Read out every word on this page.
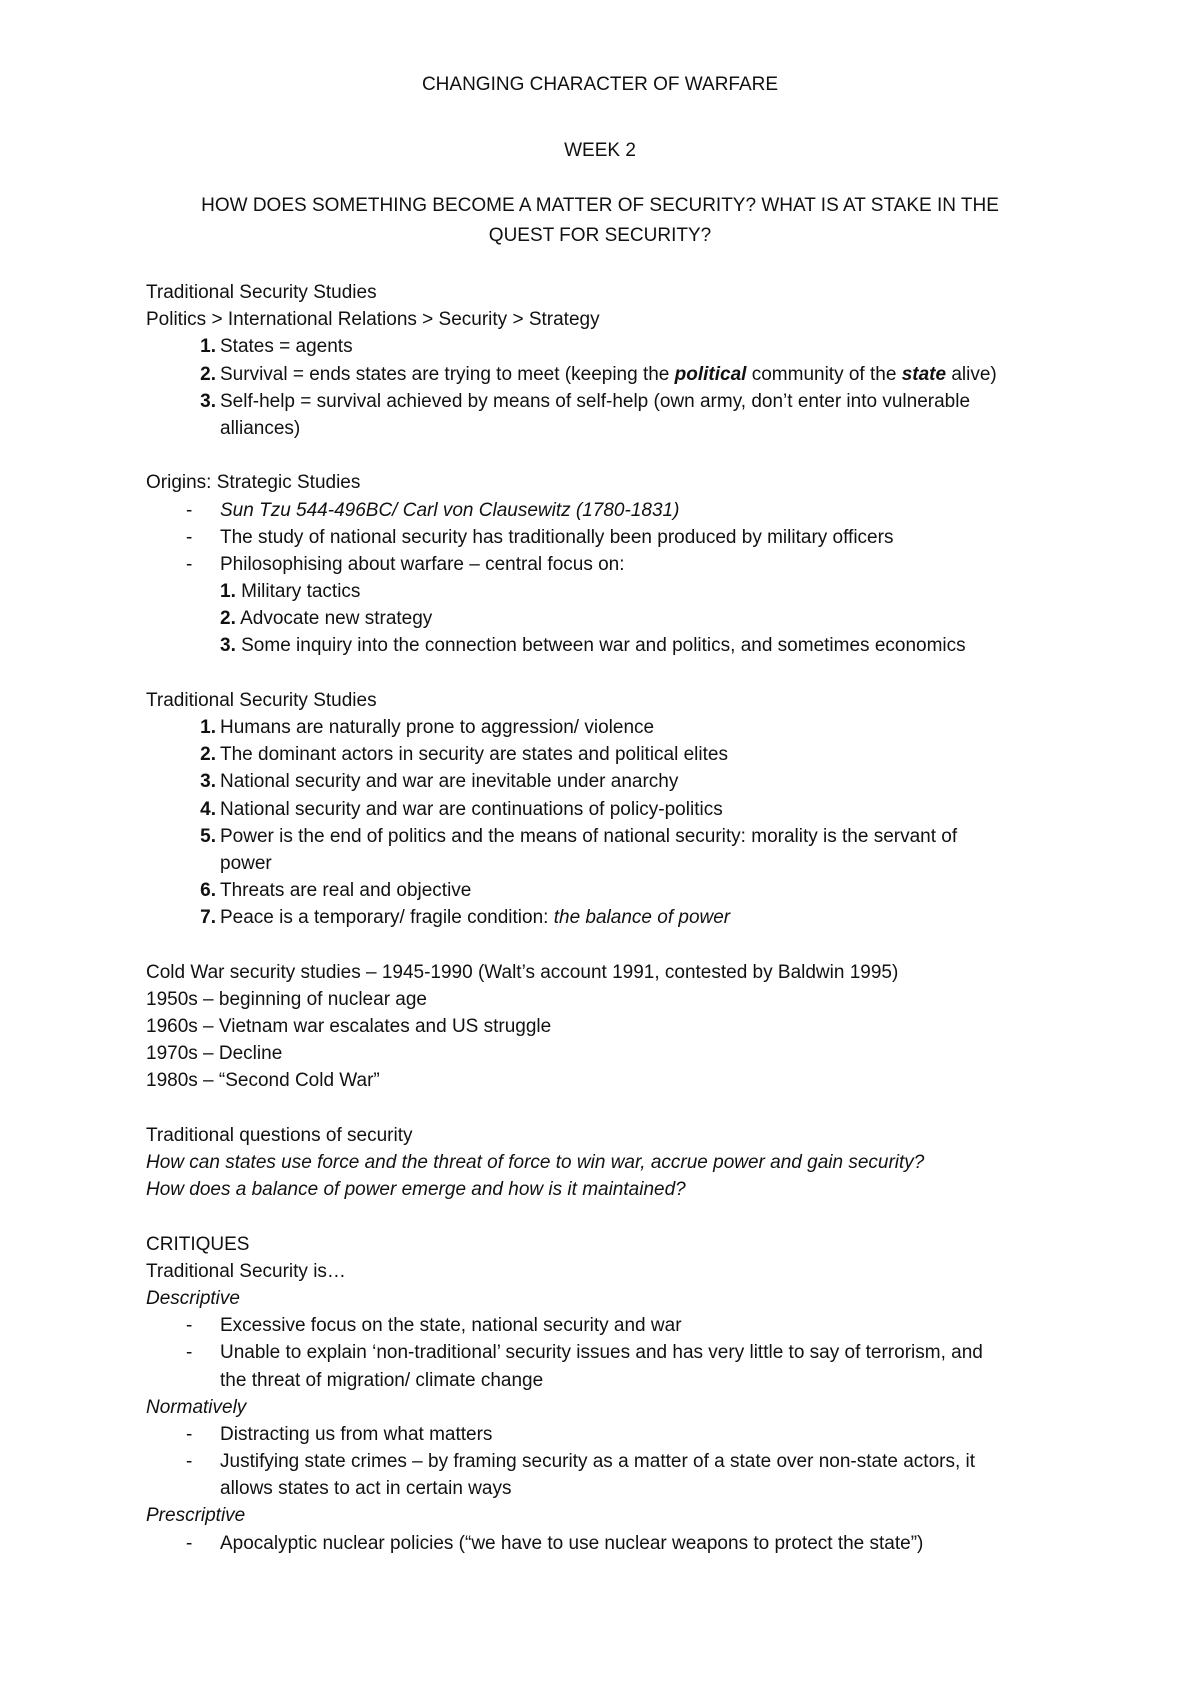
CHANGING CHARACTER OF WARFARE
WEEK 2
HOW DOES SOMETHING BECOME A MATTER OF SECURITY? WHAT IS AT STAKE IN THE
QUEST FOR SECURITY?
Traditional Security Studies
Politics > International Relations > Security > Strategy
1. States = agents
2. Survival = ends states are trying to meet (keeping the political community of the state alive)
3. Self-help = survival achieved by means of self-help (own army, don’t enter into vulnerable
alliances)
Origins: Strategic Studies
- Sun Tzu 544-496BC/ Carl von Clausewitz (1780-1831)
- The study of national security has traditionally been produced by military officers
- Philosophising about warfare – central focus on:
1. Military tactics
2. Advocate new strategy
3. Some inquiry into the connection between war and politics, and sometimes economics
Traditional Security Studies
1. Humans are naturally prone to aggression/ violence
2. The dominant actors in security are states and political elites
3. National security and war are inevitable under anarchy
4. National security and war are continuations of policy-politics
5. Power is the end of politics and the means of national security: morality is the servant of
power
6. Threats are real and objective
7. Peace is a temporary/ fragile condition: the balance of power
Cold War security studies – 1945-1990 (Walt’s account 1991, contested by Baldwin 1995)
1950s – beginning of nuclear age
1960s – Vietnam war escalates and US struggle
1970s – Decline
1980s – “Second Cold War”
Traditional questions of security
How can states use force and the threat of force to win war, accrue power and gain security?
How does a balance of power emerge and how is it maintained?
CRITIQUES
Traditional Security is…
Descriptive
- Excessive focus on the state, national security and war
- Unable to explain ‘non-traditional’ security issues and has very little to say of terrorism, and
the threat of migration/ climate change
Normatively
- Distracting us from what matters
- Justifying state crimes – by framing security as a matter of a state over non-state actors, it
allows states to act in certain ways
Prescriptive
- Apocalyptic nuclear policies (“we have to use nuclear weapons to protect the state”)
